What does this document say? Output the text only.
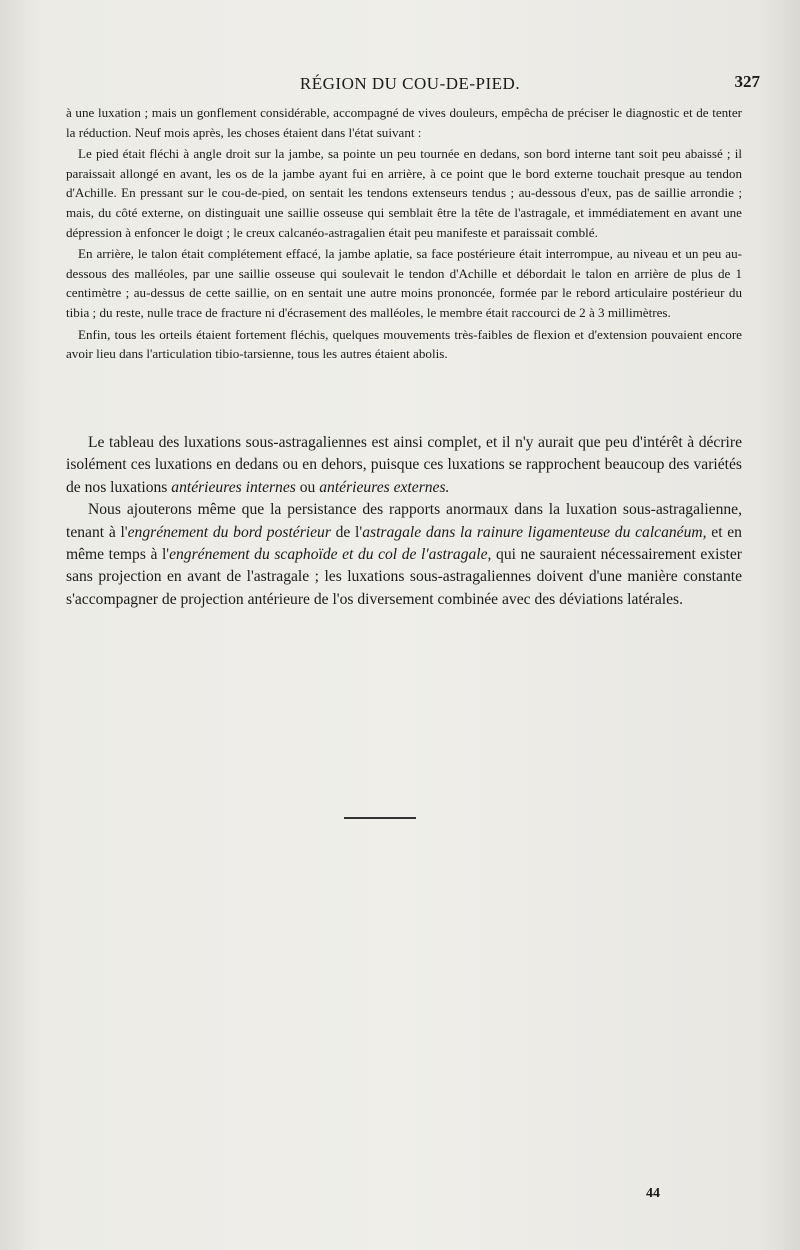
RÉGION DU COU-DE-PIED.	327

à une luxation ; mais un gonflement considérable, accompagné de vives douleurs, empêcha de préciser le diagnostic et de tenter la réduction. Neuf mois après, les choses étaient dans l'état suivant :

Le pied était fléchi à angle droit sur la jambe, sa pointe un peu tournée en dedans, son bord interne tant soit peu abaissé ; il paraissait allongé en avant, les os de la jambe ayant fui en arrière, à ce point que le bord externe touchait presque au tendon d'Achille. En pressant sur le cou-de-pied, on sentait les tendons extenseurs tendus ; au-dessous d'eux, pas de saillie arrondie ; mais, du côté externe, on distinguait une saillie osseuse qui semblait être la tête de l'astragale, et immédiatement en avant une dépression à enfoncer le doigt ; le creux calcanéo-astragalien était peu manifeste et paraissait comblé.

En arrière, le talon était complétement effacé, la jambe aplatie, sa face postérieure était interrompue, au niveau et un peu au-dessous des malléoles, par une saillie osseuse qui soulevait le tendon d'Achille et débordait le talon en arrière de plus de 1 centimètre ; au-dessus de cette saillie, on en sentait une autre moins prononcée, formée par le rebord articulaire postérieur du tibia ; du reste, nulle trace de fracture ni d'écrasement des malléoles, le membre était raccourci de 2 à 3 millimètres.

Enfin, tous les orteils étaient fortement fléchis, quelques mouvements très-faibles de flexion et d'extension pouvaient encore avoir lieu dans l'articulation tibio-tarsienne, tous les autres étaient abolis.

Le tableau des luxations sous-astragaliennes est ainsi complet, et il n'y aurait que peu d'intérêt à décrire isolément ces luxations en dedans ou en dehors, puisque ces luxations se rapprochent beaucoup des variétés de nos luxations antérieures internes ou antérieures externes.

Nous ajouterons même que la persistance des rapports anormaux dans la luxation sous-astragalienne, tenant à l'engrénement du bord postérieur de l'astragale dans la rainure ligamenteuse du calcanéum, et en même temps à l'engrénement du scaphoïde et du col de l'astragale, qui ne sauraient nécessairement exister sans projection en avant de l'astragale ; les luxations sous-astragaliennes doivent d'une manière constante s'accompagner de projection antérieure de l'os diversement combinée avec des déviations latérales.

44
